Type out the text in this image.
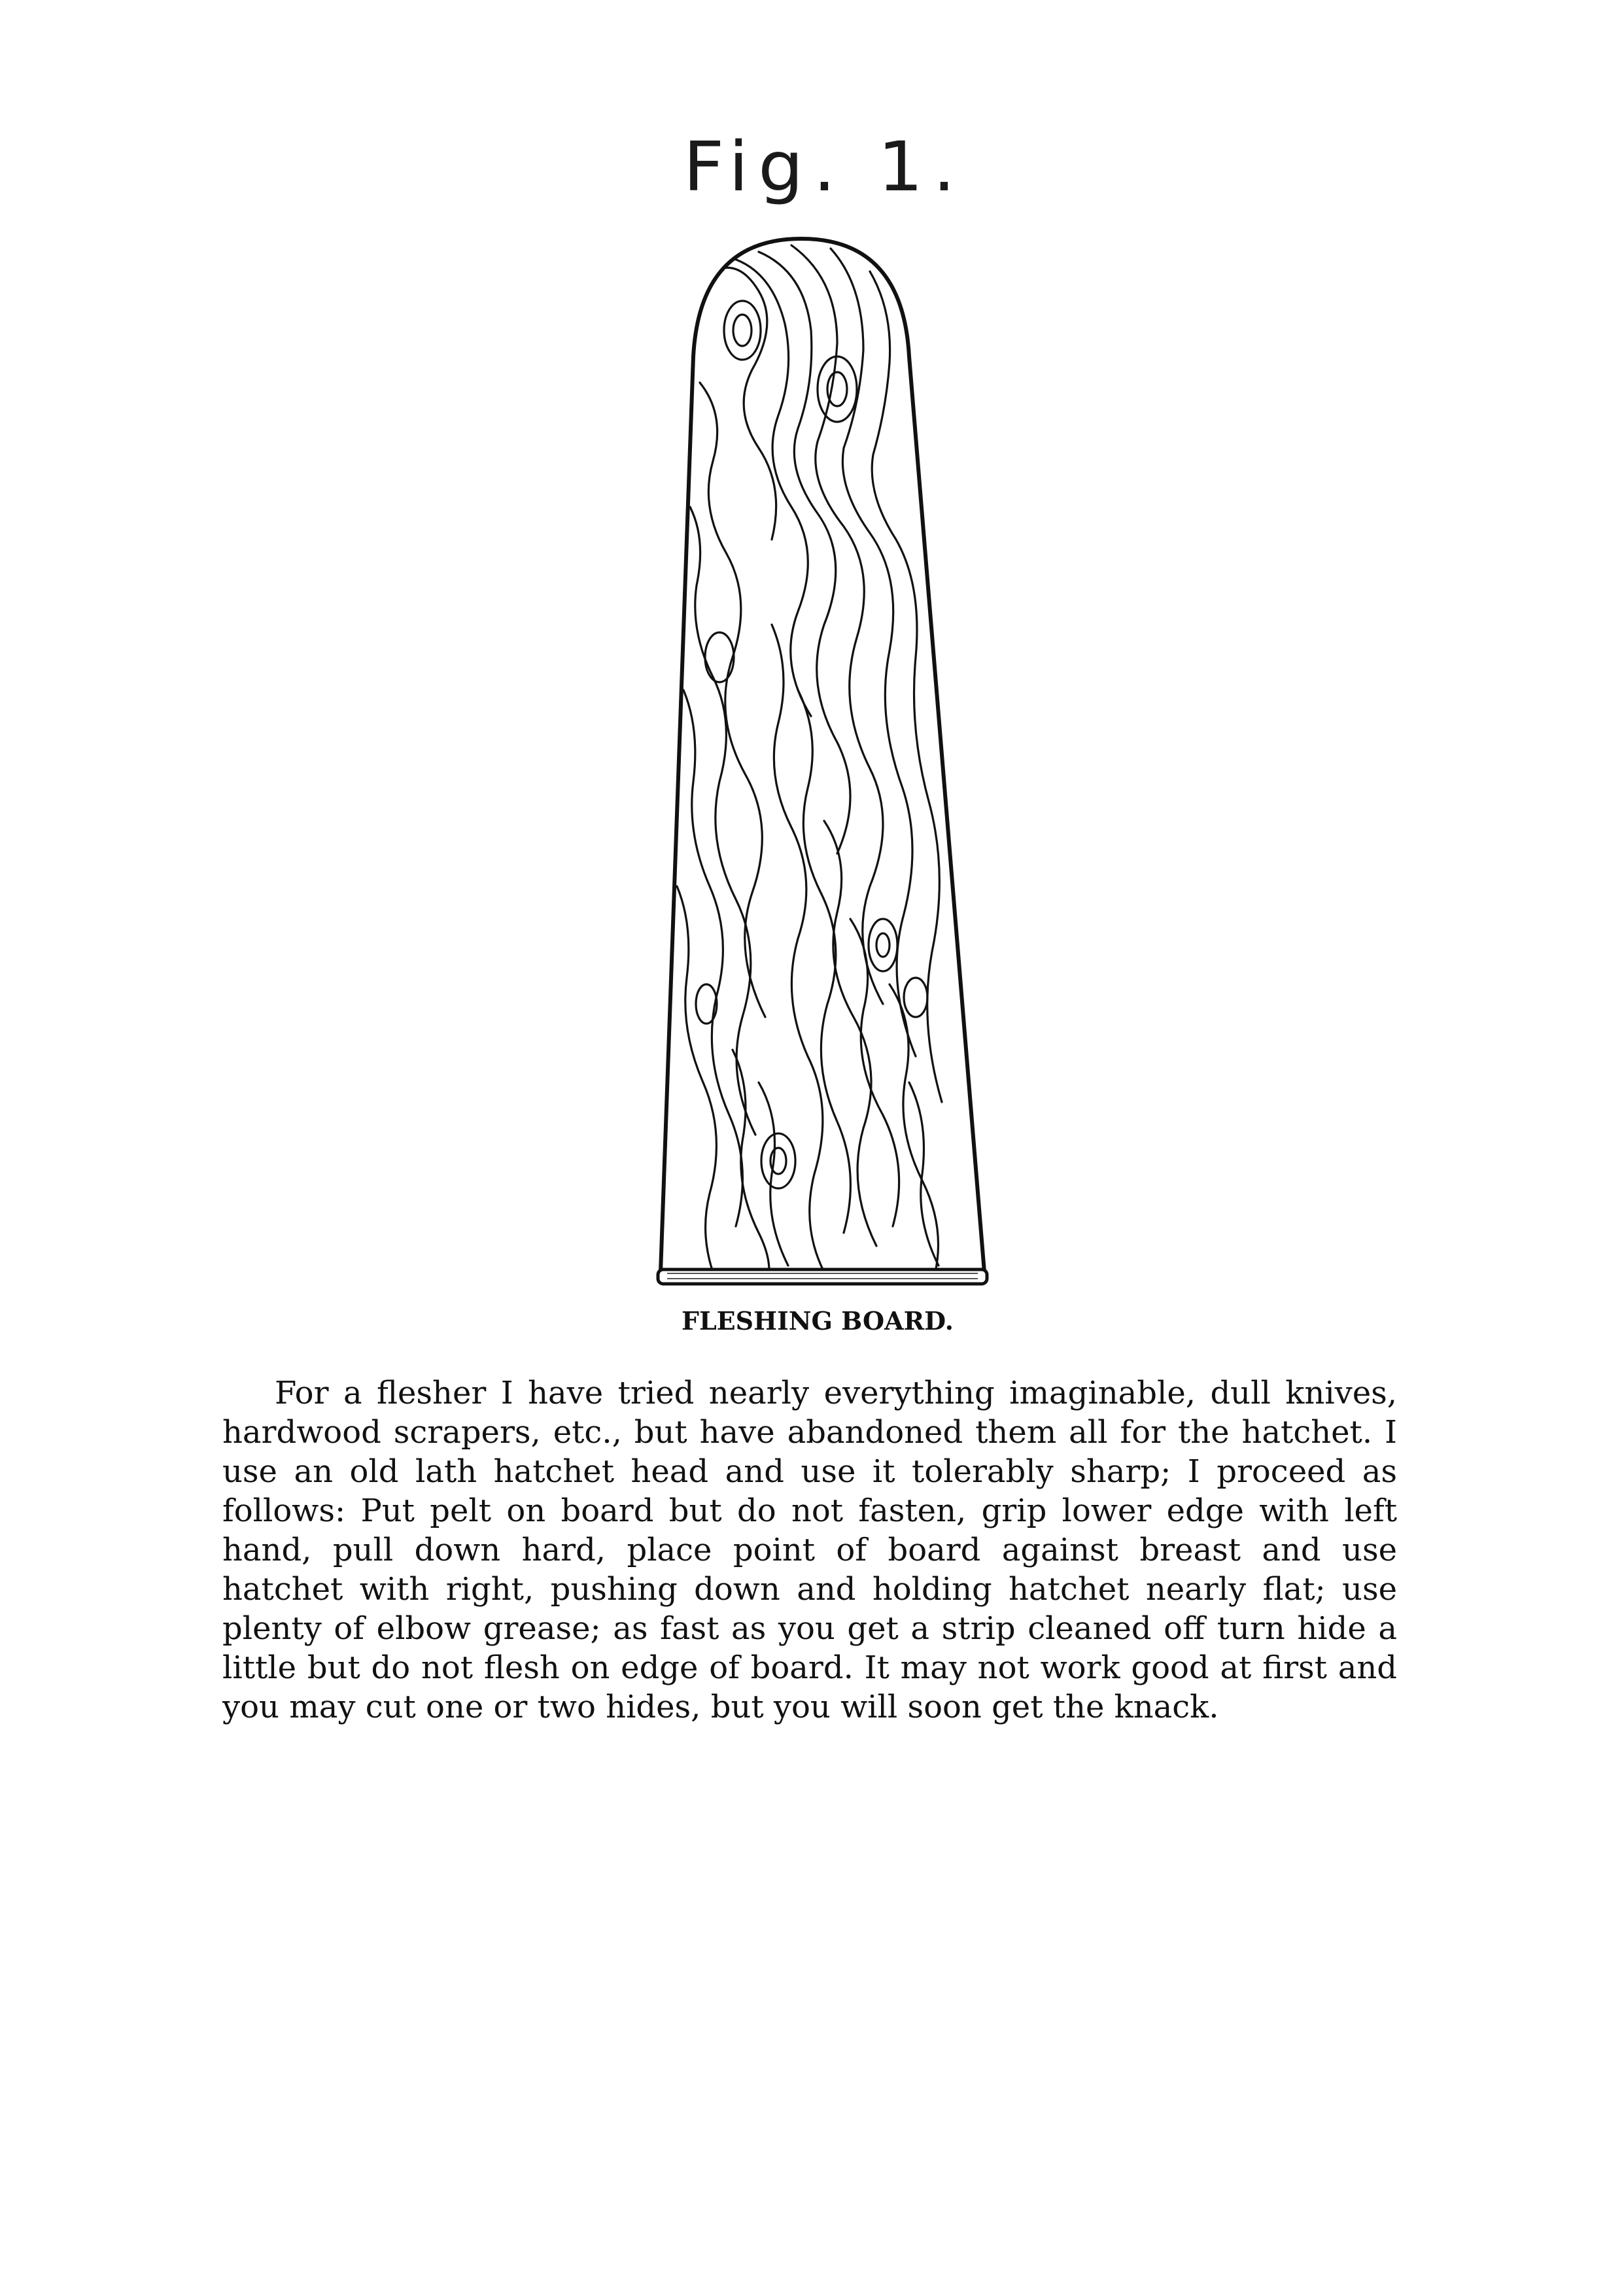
Fig. 1.
FLESHING BOARD.

For a flesher I have tried nearly everything imaginable, dull knives, hardwood scrapers, etc., but have abandoned them all for the hatchet. I use an old lath hatchet head and use it tolerably sharp; I proceed as follows: Put pelt on board but do not fasten, grip lower edge with left hand, pull down hard, place point of board against breast and use hatchet with right, pushing down and holding hatchet nearly flat; use plenty of elbow grease; as fast as you get a strip cleaned off turn hide a little but do not flesh on edge of board. It may not work good at first and you may cut one or two hides, but you will soon get the knack.
